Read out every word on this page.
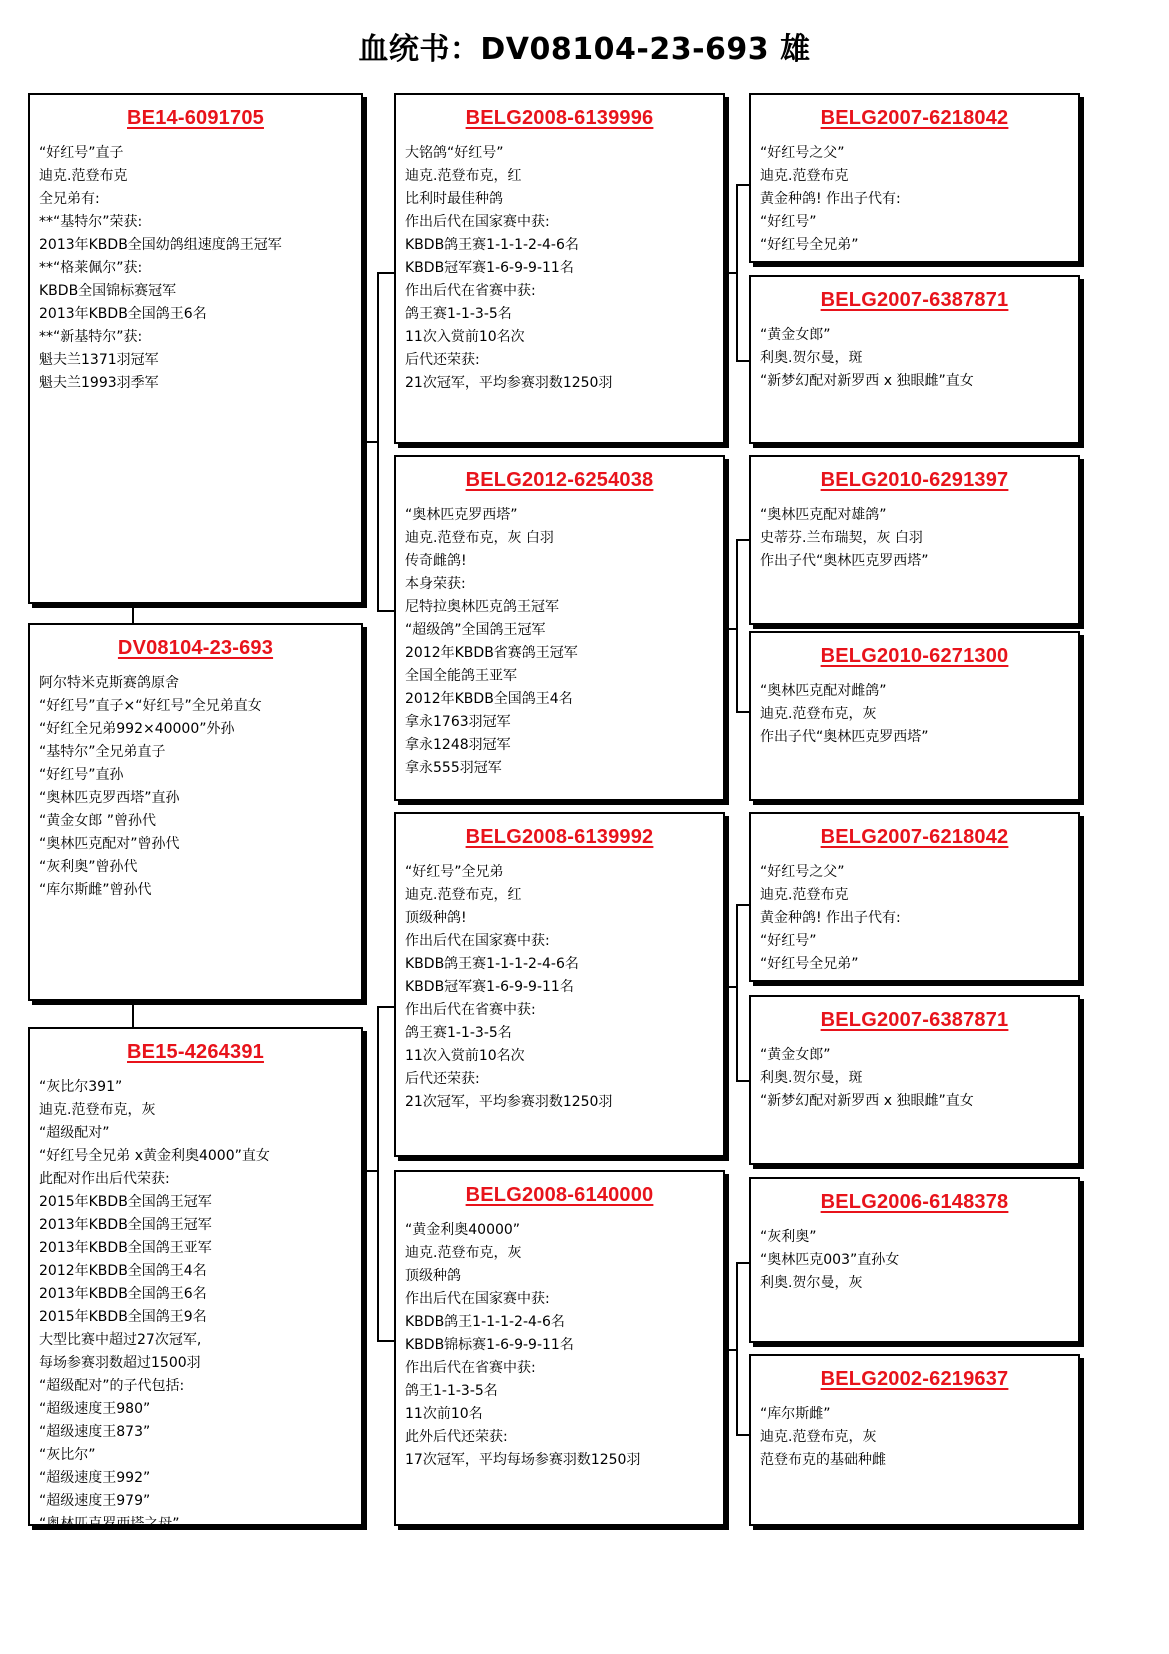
血统书：DV08104-23-693 雄
BE14-6091705
“好红号”直子
迪克.范登布克
全兄弟有:
**“基特尔”荣获:
2013年KBDB全国幼鸽组速度鸽王冠军
**“格莱佩尔”获:
KBDB全国锦标赛冠军
2013年KBDB全国鸽王6名
**“新基特尔”获:
魁夫兰1371羽冠军
魁夫兰1993羽季军
DV08104-23-693
阿尔特米克斯赛鸽原舍
“好红号”直子×“好红号”全兄弟直女
“好红全兄弟992×40000”外孙
“基特尔”全兄弟直子
“好红号”直孙
“奥林匹克罗西塔”直孙
“黄金女郎 ”曾孙代
“奥林匹克配对”曾孙代
“灰利奥”曾孙代
“库尔斯雌”曾孙代
BE15-4264391
“灰比尔391”
迪克.范登布克，灰
“超级配对”
“好红号全兄弟 x黄金利奥4000”直女
此配对作出后代荣获:
2015年KBDB全国鸽王冠军
2013年KBDB全国鸽王冠军
2013年KBDB全国鸽王亚军
2012年KBDB全国鸽王4名
2013年KBDB全国鸽王6名
2015年KBDB全国鸽王9名
大型比赛中超过27次冠军,
每场参赛羽数超过1500羽
“超级配对”的子代包括:
“超级速度王980”
“超级速度王873”
“灰比尔”
“超级速度王992”
“超级速度王979”
“奥林匹克罗西塔之母”
BELG2008-6139996
大铭鸽“好红号”
迪克.范登布克，红
比利时最佳种鸽
作出后代在国家赛中获:
KBDB鸽王赛1-1-1-2-4-6名
KBDB冠军赛1-6-9-9-11名
作出后代在省赛中获:
鸽王赛1-1-3-5名
11次入赏前10名次
后代还荣获:
21次冠军，平均参赛羽数1250羽
BELG2012-6254038
“奥林匹克罗西塔”
迪克.范登布克，灰 白羽
传奇雌鸽!
本身荣获:
尼特拉奥林匹克鸽王冠军
“超级鸽”全国鸽王冠军
2012年KBDB省赛鸽王冠军
全国全能鸽王亚军
2012年KBDB全国鸽王4名
拿永1763羽冠军
拿永1248羽冠军
拿永555羽冠军
BELG2008-6139992
“好红号”全兄弟
迪克.范登布克，红
顶级种鸽!
作出后代在国家赛中获:
KBDB鸽王赛1-1-1-2-4-6名
KBDB冠军赛1-6-9-9-11名
作出后代在省赛中获:
鸽王赛1-1-3-5名
11次入赏前10名次
后代还荣获:
21次冠军，平均参赛羽数1250羽
BELG2008-6140000
“黄金利奥40000”
迪克.范登布克，灰
顶级种鸽
作出后代在国家赛中获:
KBDB鸽王1-1-1-2-4-6名
KBDB锦标赛1-6-9-9-11名
作出后代在省赛中获:
鸽王1-1-3-5名
11次前10名
此外后代还荣获:
17次冠军，平均每场参赛羽数1250羽
BELG2007-6218042
“好红号之父”
迪克.范登布克
黄金种鸽! 作出子代有:
“好红号”
“好红号全兄弟”
BELG2007-6387871
“黄金女郎”
利奥.贺尔曼，斑
“新梦幻配对新罗西 x 独眼雌”直女
BELG2010-6291397
“奥林匹克配对雄鸽”
史蒂芬.兰布瑞契，灰 白羽
作出子代“奥林匹克罗西塔”
BELG2010-6271300
“奥林匹克配对雌鸽”
迪克.范登布克，灰
作出子代“奥林匹克罗西塔”
BELG2007-6218042
“好红号之父”
迪克.范登布克
黄金种鸽! 作出子代有:
“好红号”
“好红号全兄弟”
BELG2007-6387871
“黄金女郎”
利奥.贺尔曼，斑
“新梦幻配对新罗西 x 独眼雌”直女
BELG2006-6148378
“灰利奥”
“奥林匹克003”直孙女
利奥.贺尔曼，灰
BELG2002-6219637
“库尔斯雌”
迪克.范登布克，灰
范登布克的基础种雌
